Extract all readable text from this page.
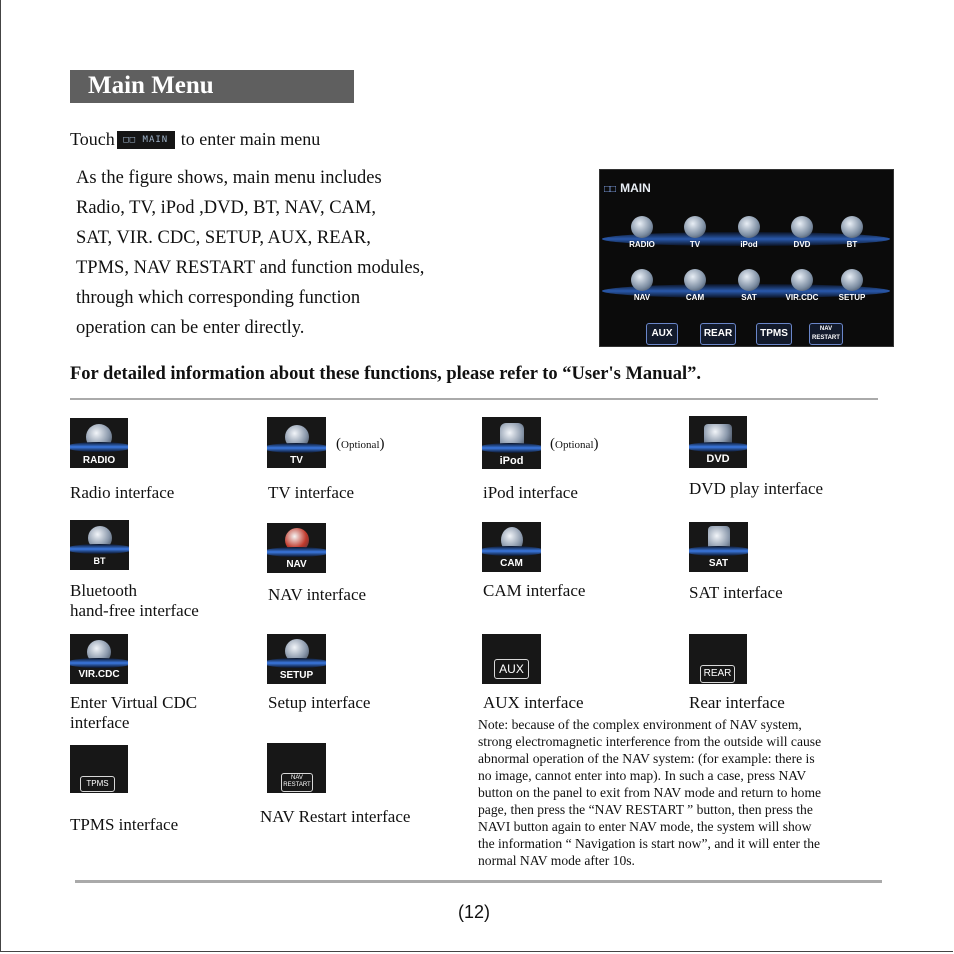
Main Menu
Touch □□ MAIN to enter main menu
As the figure shows, main menu includes
Radio, TV, iPod ,DVD, BT, NAV, CAM,
SAT, VIR. CDC, SETUP, AUX, REAR,
TPMS, NAV RESTART and function modules,
through which corresponding function
operation can be enter directly.
□□ MAIN
RADIO	TV	iPod	DVD	BT
NAV	CAM	SAT	VIR.CDC	SETUP
AUX	REAR	TPMS	NAV
RESTART
For detailed information about these functions, please refer to “User's Manual”.
RADIO
Radio interface
TV
(Optional)
TV interface
iPod
(Optional)
iPod interface
DVD
DVD play interface
BT
Bluetooth
hand-free interface
NAV
NAV interface
CAM
CAM interface
SAT
SAT interface
VIR.CDC
Enter Virtual CDC
interface
SETUP
Setup interface
AUX
AUX interface
REAR
Rear interface
TPMS
TPMS interface
NAV
RESTART
NAV Restart interface
Note: because of the complex environment of NAV system,
strong electromagnetic interference from the outside will cause
abnormal operation of the NAV system: (for example: there is
no image, cannot enter into map). In such a case, press NAV
button on the panel to exit from NAV mode and return to home
page, then press the “NAV RESTART ” button, then press the
NAVI button again to enter NAV mode, the system will show
the information “ Navigation is start now”, and it will enter the
normal NAV mode after 10s.
(12)
